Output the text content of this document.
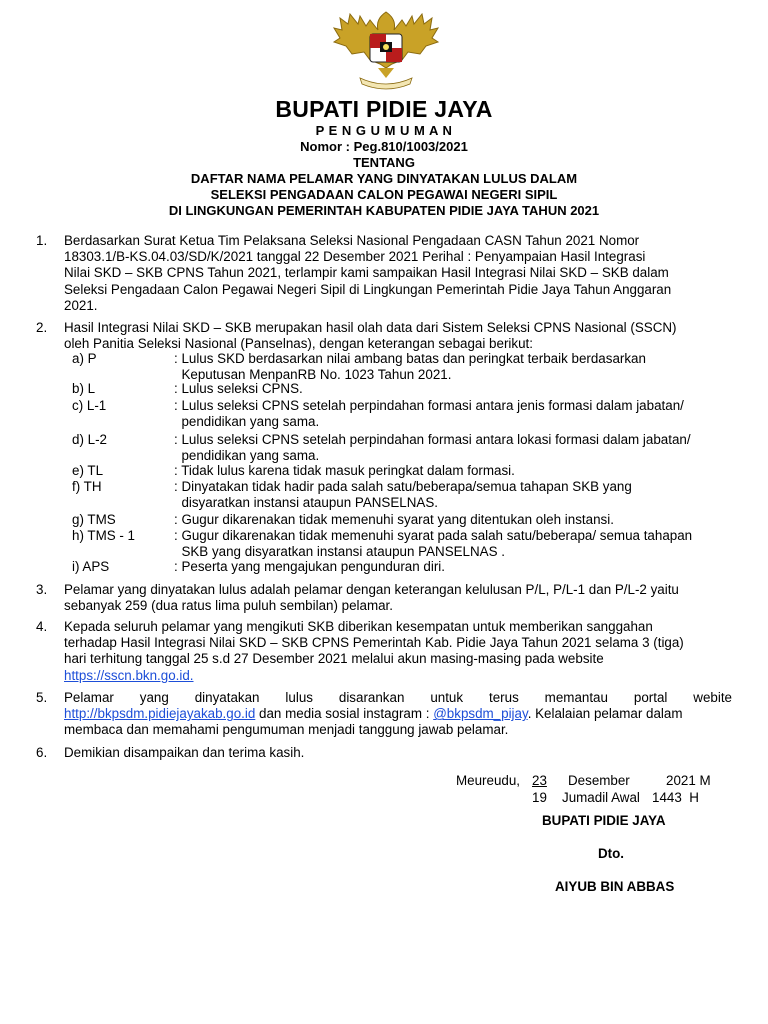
BUPATI PIDIE JAYA
P E N G U M U M A N
Nomor : Peg.810/1003/2021
TENTANG
DAFTAR NAMA PELAMAR YANG DINYATAKAN LULUS DALAM
SELEKSI PENGADAAN CALON PEGAWAI NEGERI SIPIL
DI LINGKUNGAN PEMERINTAH KABUPATEN PIDIE JAYA TAHUN 2021
1. Berdasarkan Surat Ketua Tim Pelaksana Seleksi Nasional Pengadaan CASN Tahun 2021 Nomor
18303.1/B-KS.04.03/SD/K/2021 tanggal 22 Desember 2021 Perihal : Penyampaian Hasil Integrasi
Nilai SKD – SKB CPNS Tahun 2021, terlampir kami sampaikan Hasil Integrasi Nilai SKD – SKB dalam
Seleksi Pengadaan Calon Pegawai Negeri Sipil di Lingkungan Pemerintah Pidie Jaya Tahun Anggaran
2021.
2. Hasil Integrasi Nilai SKD – SKB merupakan hasil olah data dari Sistem Seleksi CPNS Nasional (SSCN)
oleh Panitia Seleksi Nasional (Panselnas), dengan keterangan sebagai berikut:
a) P	: Lulus SKD berdasarkan nilai ambang batas dan peringkat terbaik berdasarkan
Keputusan MenpanRB No. 1023 Tahun 2021.
b) L	: Lulus seleksi CPNS.
c) L-1	: Lulus seleksi CPNS setelah perpindahan formasi antara jenis formasi dalam jabatan/
pendidikan yang sama.
d) L-2	: Lulus seleksi CPNS setelah perpindahan formasi antara lokasi formasi dalam jabatan/
pendidikan yang sama.
e) TL	: Tidak lulus karena tidak masuk peringkat dalam formasi.
f) TH	: Dinyatakan tidak hadir pada salah satu/beberapa/semua tahapan SKB yang
disyaratkan instansi ataupun PANSELNAS.
g) TMS	: Gugur dikarenakan tidak memenuhi syarat yang ditentukan oleh instansi.
h) TMS - 1	: Gugur dikarenakan tidak memenuhi syarat pada salah satu/beberapa/ semua tahapan
SKB yang disyaratkan instansi ataupun PANSELNAS .
i) APS	: Peserta yang mengajukan pengunduran diri.
3. Pelamar yang dinyatakan lulus adalah pelamar dengan keterangan kelulusan P/L, P/L-1 dan P/L-2 yaitu
sebanyak 259 (dua ratus lima puluh sembilan) pelamar.
4. Kepada seluruh pelamar yang mengikuti SKB diberikan kesempatan untuk memberikan sanggahan
terhadap Hasil Integrasi Nilai SKD – SKB CPNS Pemerintah Kab. Pidie Jaya Tahun 2021 selama 3 (tiga)
hari terhitung tanggal 25 s.d 27 Desember 2021 melalui akun masing-masing pada website
https://sscn.bkn.go.id.
5. Pelamar yang dinyatakan lulus disarankan untuk terus memantau portal webite
http://bkpsdm.pidiejayakab.go.id dan media sosial instagram : @bkpsdm_pijay. Kelalaian pelamar dalam
membaca dan memahami pengumuman menjadi tanggung jawab pelamar.
6. Demikian disampaikan dan terima kasih.
Meureudu, 23 Desember	2021 M
19 Jumadil Awal 1443  H
BUPATI PIDIE JAYA
Dto.
AIYUB BIN ABBAS
